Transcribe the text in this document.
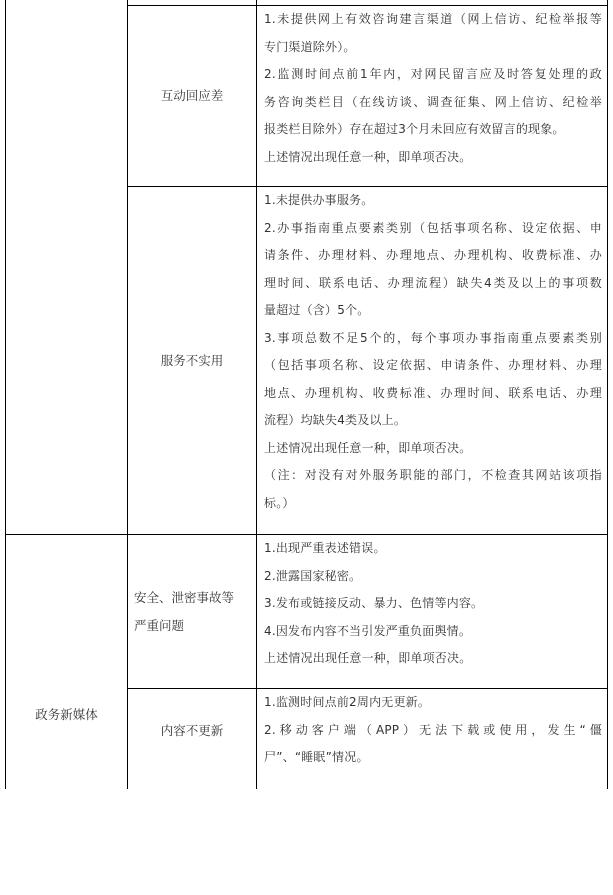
互动回应差

1.未提供网上有效咨询建言渠道（网上信访、纪检举报等

专门渠道除外）。

2.监测时间点前1年内，对网民留言应及时答复处理的政

务咨询类栏目（在线访谈、调查征集、网上信访、纪检举

报类栏目除外）存在超过3个月未回应有效留言的现象。

上述情况出现任意一种，即单项否决。

服务不实用

1.未提供办事服务。

2.办事指南重点要素类别（包括事项名称、设定依据、申

请条件、办理材料、办理地点、办理机构、收费标准、办

理时间、联系电话、办理流程）缺失4类及以上的事项数

量超过（含）5个。

3.事项总数不足5个的，每个事项办事指南重点要素类别

（包括事项名称、设定依据、申请条件、办理材料、办理

地点、办理机构、收费标准、办理时间、联系电话、办理

流程）均缺失4类及以上。

上述情况出现任意一种，即单项否决。

（注：对没有对外服务职能的部门，不检查其网站该项指

标。）

政务新媒体
安全、泄密事故等
严重问题

1.出现严重表述错误。

2.泄露国家秘密。

3.发布或链接反动、暴力、色情等内容。

4.因发布内容不当引发严重负面舆情。

上述情况出现任意一种，即单项否决。

内容不更新

1.监测时间点前2周内无更新。

2.移动客户端（APP）无法下载或使用，发生“僵

尸”、“睡眠”情况。
